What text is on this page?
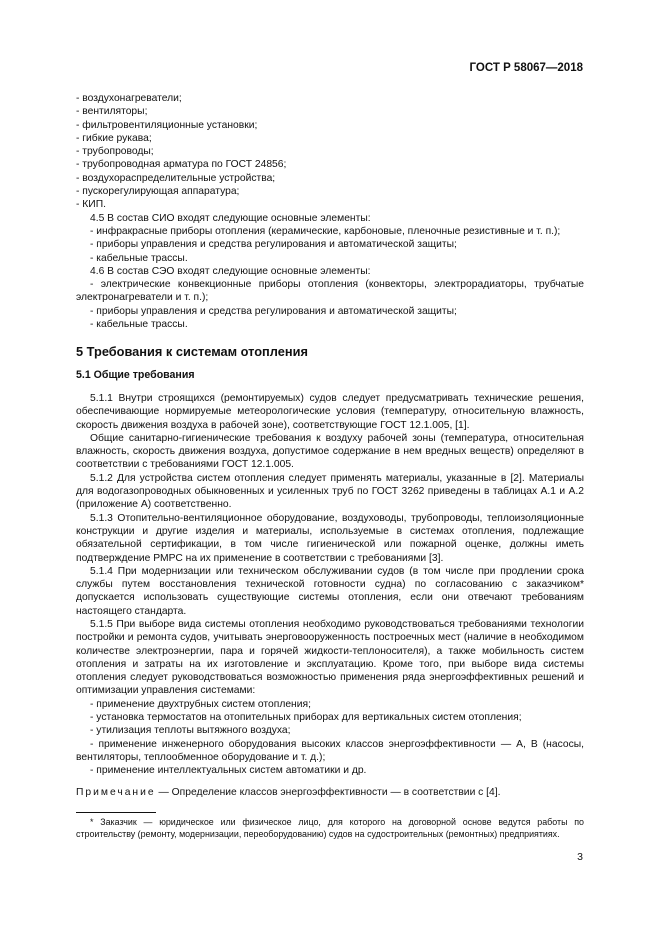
ГОСТ Р 58067—2018
- воздухонагреватели;
- вентиляторы;
- фильтровентиляционные установки;
- гибкие рукава;
- трубопроводы;
- трубопроводная арматура по ГОСТ 24856;
- воздухораспределительные устройства;
- пускорегулирующая аппаратура;
- КИП.

4.5 В состав СИО входят следующие основные элементы:

- инфракрасные приборы отопления (керамические, карбоновые, пленочные резистивные и т. п.);

- приборы управления и средства регулирования и автоматической защиты;

- кабельные трассы.

4.6 В состав СЭО входят следующие основные элементы:

- электрические конвекционные приборы отопления (конвекторы, электрорадиаторы, трубчатые электронагреватели и т. п.);

- приборы управления и средства регулирования и автоматической защиты;

- кабельные трассы.

5 Требования к системам отопления
5.1 Общие требования

5.1.1 Внутри строящихся (ремонтируемых) судов следует предусматривать технические решения, обеспечивающие нормируемые метеорологические условия (температуру, относительную влажность, скорость движения воздуха в рабочей зоне), соответствующие ГОСТ 12.1.005, [1].

Общие санитарно-гигиенические требования к воздуху рабочей зоны (температура, относительная влажность, скорость движения воздуха, допустимое содержание в нем вредных веществ) определяют в соответствии с требованиями ГОСТ 12.1.005.

5.1.2 Для устройства систем отопления следует применять материалы, указанные в [2]. Материалы для водогазопроводных обыкновенных и усиленных труб по ГОСТ 3262 приведены в таблицах А.1 и А.2 (приложение А) соответственно.

5.1.3 Отопительно-вентиляционное оборудование, воздуховоды, трубопроводы, теплоизоляционные конструкции и другие изделия и материалы, используемые в системах отопления, подлежащие обязательной сертификации, в том числе гигиенической или пожарной оценке, должны иметь подтверждение РМРС на их применение в соответствии с требованиями [3].

5.1.4 При модернизации или техническом обслуживании судов (в том числе при продлении срока службы путем восстановления технической готовности судна) по согласованию с заказчиком* допускается использовать существующие системы отопления, если они отвечают требованиям настоящего стандарта.

5.1.5 При выборе вида системы отопления необходимо руководствоваться требованиями технологии постройки и ремонта судов, учитывать энерговооруженность построечных мест (наличие в необходимом количестве электроэнергии, пара и горячей жидкости-теплоносителя), а также мобильность систем отопления и затраты на их изготовление и эксплуатацию. Кроме того, при выборе вида системы отопления следует руководствоваться возможностью применения ряда энергоэффективных решений и оптимизации управления системами:

- применение двухтрубных систем отопления;

- установка термостатов на отопительных приборах для вертикальных систем отопления;

- утилизация теплоты вытяжного воздуха;

- применение инженерного оборудования высоких классов энергоэффективности — А, В (насосы, вентиляторы, теплообменное оборудование и т. д.);

- применение интеллектуальных систем автоматики и др.

Примечание — Определение классов энергоэффективности — в соответствии с [4].

* Заказчик — юридическое или физическое лицо, для которого на договорной основе ведутся работы по строительству (ремонту, модернизации, переоборудованию) судов на судостроительных (ремонтных) предприятиях.
3
